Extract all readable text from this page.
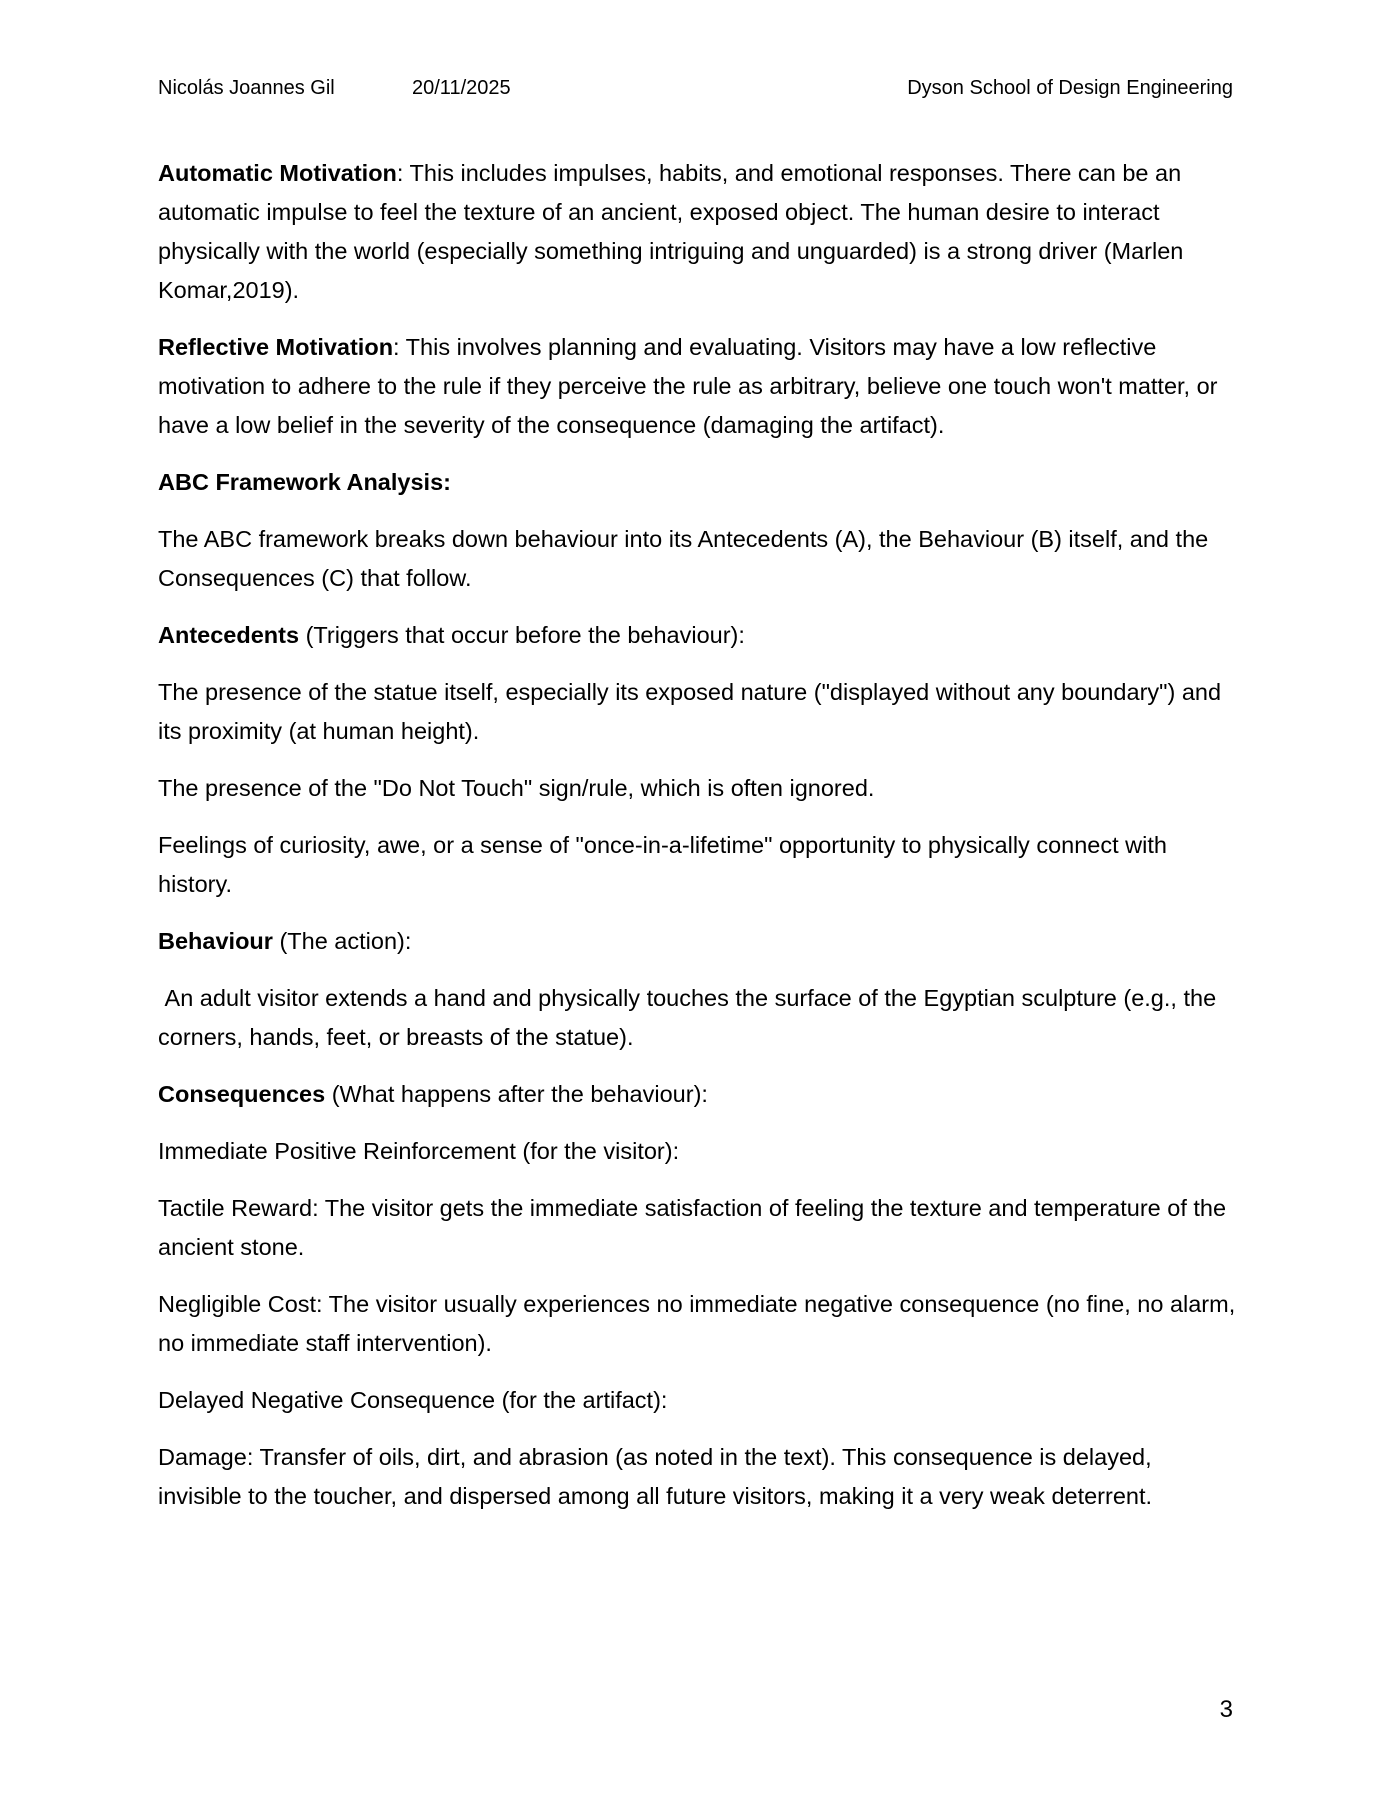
Nicolás Joannes Gil	20/11/2025	Dyson School of Design Engineering

Automatic Motivation: This includes impulses, habits, and emotional responses. There can be an automatic impulse to feel the texture of an ancient, exposed object. The human desire to interact physically with the world (especially something intriguing and unguarded) is a strong driver (Marlen Komar,2019).

Reflective Motivation: This involves planning and evaluating. Visitors may have a low reflective motivation to adhere to the rule if they perceive the rule as arbitrary, believe one touch won't matter, or have a low belief in the severity of the consequence (damaging the artifact).

ABC Framework Analysis:

The ABC framework breaks down behaviour into its Antecedents (A), the Behaviour (B) itself, and the Consequences (C) that follow.

Antecedents (Triggers that occur before the behaviour):

The presence of the statue itself, especially its exposed nature ("displayed without any boundary") and its proximity (at human height).

The presence of the "Do Not Touch" sign/rule, which is often ignored.

Feelings of curiosity, awe, or a sense of "once-in-a-lifetime" opportunity to physically connect with history.

Behaviour (The action):

An adult visitor extends a hand and physically touches the surface of the Egyptian sculpture (e.g., the corners, hands, feet, or breasts of the statue).

Consequences (What happens after the behaviour):

Immediate Positive Reinforcement (for the visitor):

Tactile Reward: The visitor gets the immediate satisfaction of feeling the texture and temperature of the ancient stone.

Negligible Cost: The visitor usually experiences no immediate negative consequence (no fine, no alarm, no immediate staff intervention).

Delayed Negative Consequence (for the artifact):

Damage: Transfer of oils, dirt, and abrasion (as noted in the text). This consequence is delayed, invisible to the toucher, and dispersed among all future visitors, making it a very weak deterrent.

3
